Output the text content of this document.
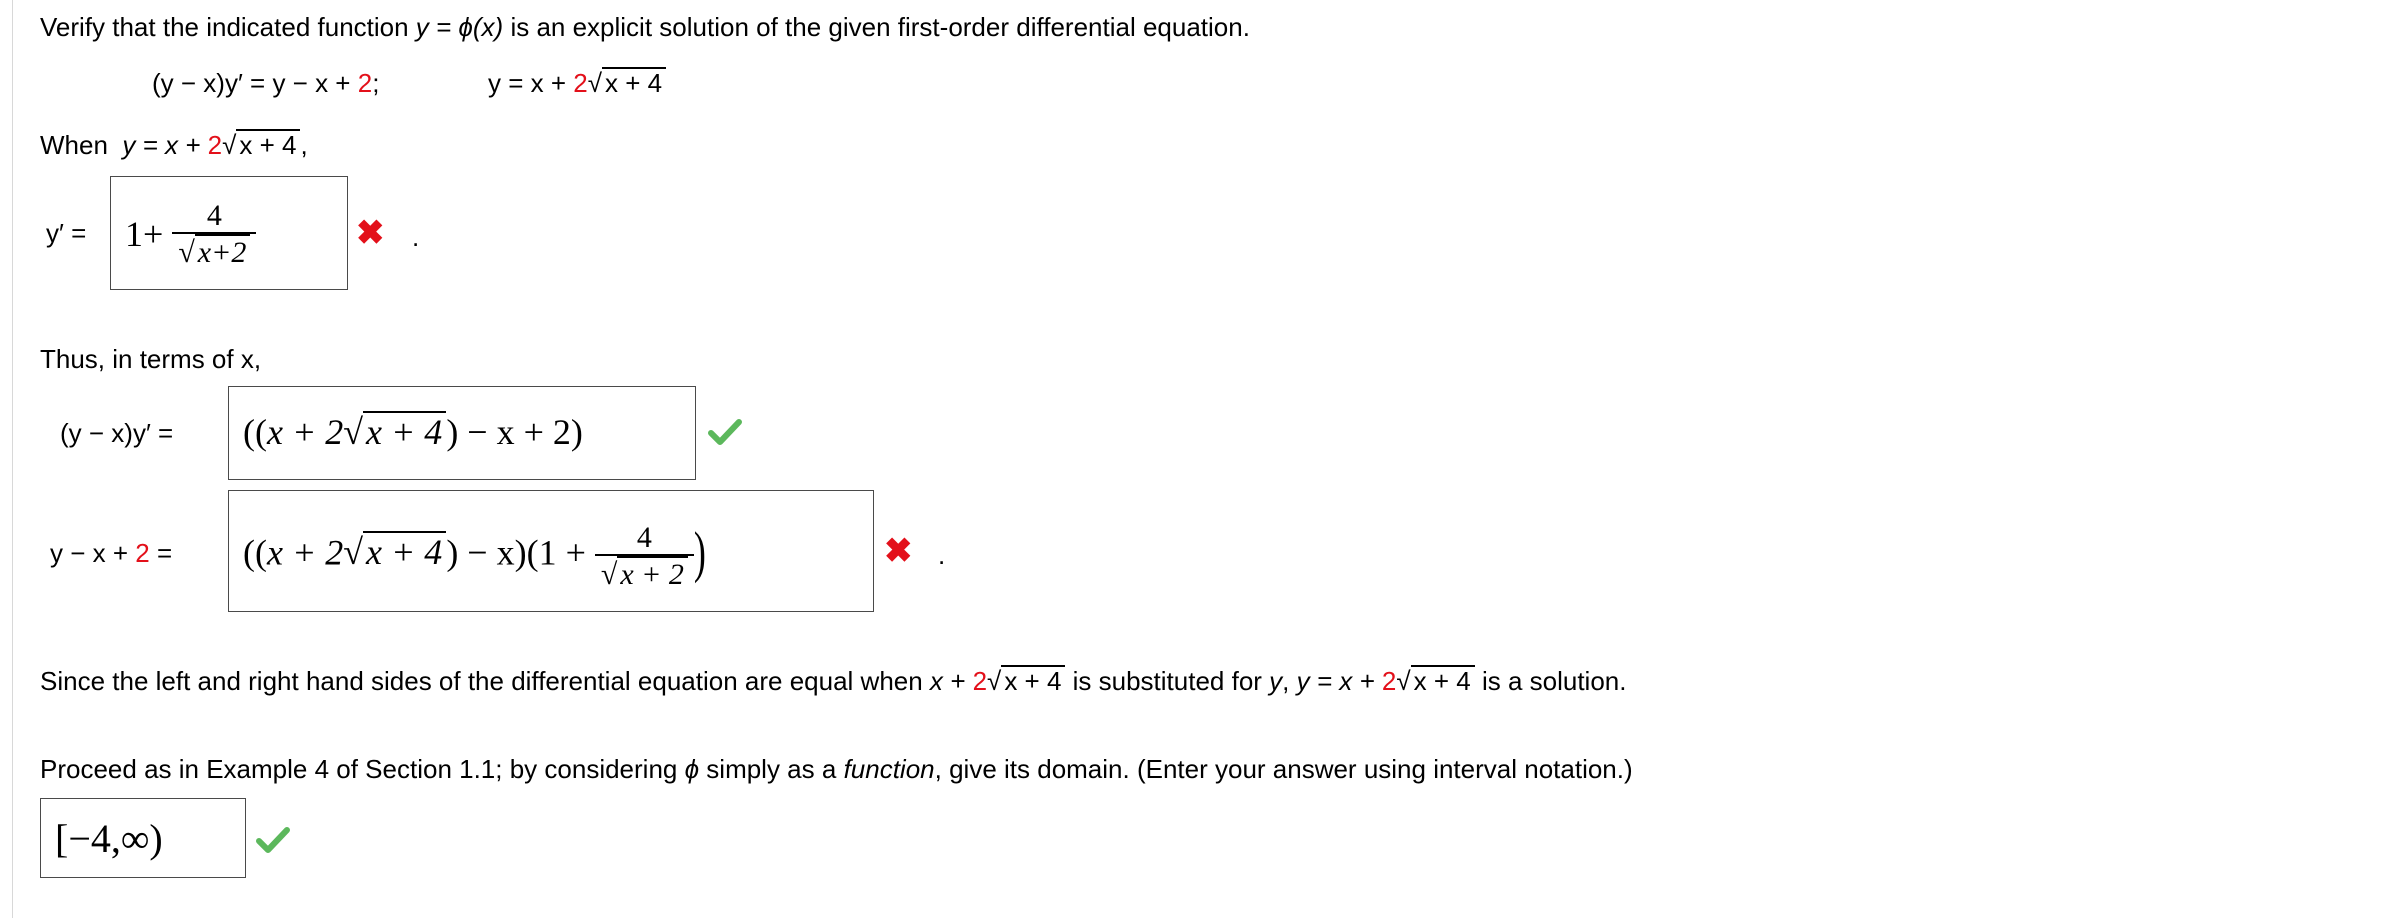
Verify that the indicated function y = ϕ(x) is an explicit solution of the given first-order differential equation.
(y − x)y′ = y − x + 2;	y = x + 2√ x + 4
When y = x + 2√ x + 4 ,
$y' = 1+ \frac{4}{√ x+2}$	✖ .
Thus, in terms of x,
(y − x)y′ = ((x + 2√x + 4 ) − x + 2)
y − x + 2 = ((x + 2√x + 4 ) − $x)(1 + \frac{4}{√ x + 2}$ )	✖ .
Since the left and right hand sides of the differential equation are equal when x + 2√ x + 4 is substituted for y, y = x + 2√ x + 4 is a solution.
Proceed as in Example 4 of Section 1.1; by considering ϕ simply as a function, give its domain. (Enter your answer using interval notation.)
[−4,∞)
